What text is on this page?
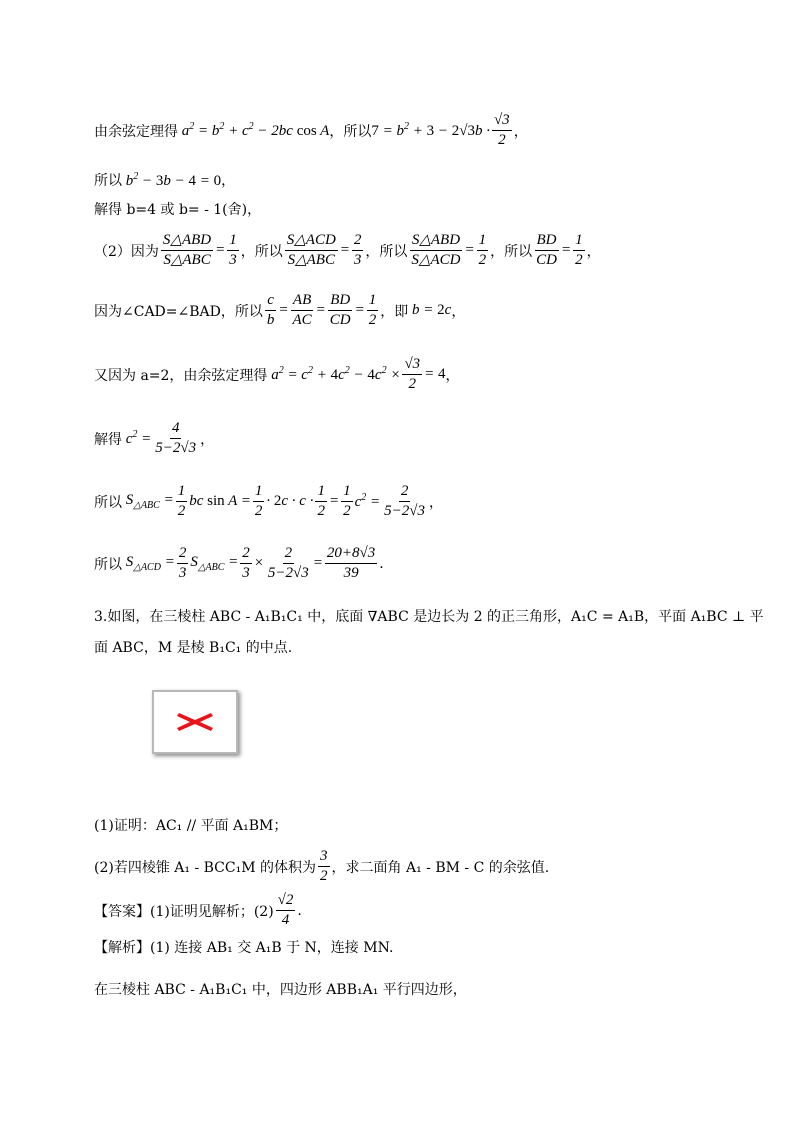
由余弦定理得 $a^2 = b^2 + c^2 - 2bc$ cos A ，所以 $7 = b^2 + 3 - 2√3b \cdot \frac{√3}{2}$ ，
所以 $b^2 - 3b - 4 = 0$ ，
解得 b=4 或 b= - 1(舍)，
（2）因为 $\frac{\text{S△ABD}}{\text{S△ABC}} = \frac{1}{3}$ ，所以 $\frac{\text{S△ACD}}{\text{S△ABC}} = \frac{2}{3}$ ，所以 $\frac{\text{S△ABD}}{\text{S△ACD}} = \frac{1}{2}$ ，所以 $\frac{BD}{CD} = \frac{1}{2}$ ，
因为∠CAD=∠BAD，所以 $\frac{c}{b} = \frac{AB}{AC} = \frac{BD}{CD} = \frac{1}{2}$ ，即 b = 2c ，
又因为 a=2，由余弦定理得 $a^2 = c^2 + 4c^2 - 4c^2 \times \frac{√3}{2} = 4$ ，
解得 $c^2 = \frac{4}{5-2√3}$ ，
所以 $S_{\triangle ABC} = \frac{1}{2}$ bc $\sin A = \frac{1}{2} \cdot 2c \cdot c \cdot \frac{1}{2} = \frac{1}{2} c^2 = \frac{2}{5-2√3}$ ，
所以 $S_{\triangle ACD} = \frac{2}{3} S_{\triangle ABC} = \frac{2}{3} \times \frac{2}{5-2√3} = \frac{20+8√3}{39}$ .
3.如图，在三棱柱 ABC - A₁B₁C₁ 中，底面 ∇ABC 是边长为 2 的正三角形，A₁C = A₁B，平面 A₁BC ⊥ 平
面 ABC，M 是棱 B₁C₁ 的中点.
(1)证明：AC₁ // 平面 A₁BM；
(2)若四棱锥 A₁ - BCC₁M 的体积为 $\frac{3}{2}$ ，求二面角 A₁ - BM - C 的余弦值.
【答案】(1)证明见解析；$(2) \frac{√2}{4}$ .
【解析】(1) 连接 AB₁ 交 A₁B 于 N，连接 MN.
在三棱柱 ABC - A₁B₁C₁ 中，四边形 ABB₁A₁ 平行四边形，
